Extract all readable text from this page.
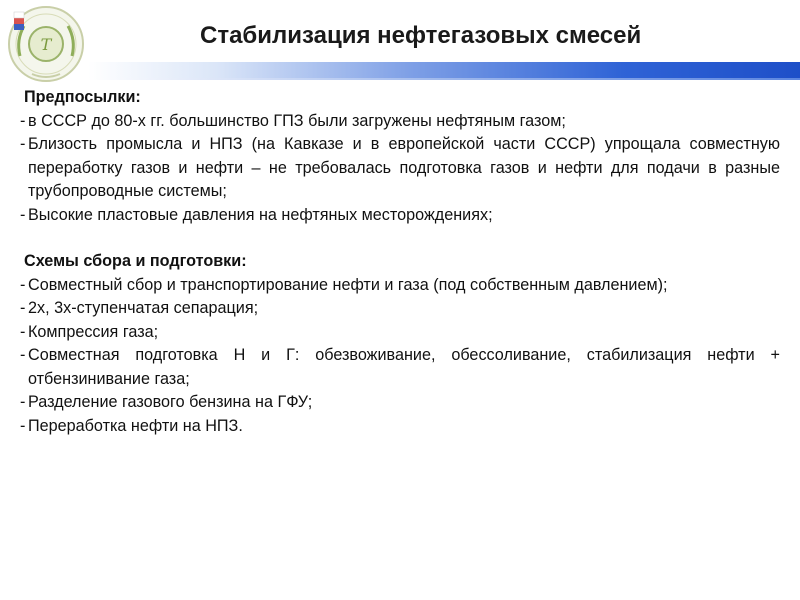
T	Стабилизация нефтегазовых смесей
Предпосылки:
- в СССР до 80-х гг. большинство ГПЗ были загружены нефтяным газом;
- Близость промысла и НПЗ (на Кавказе и в европейской части СССР) упрощала совместную переработку газов и нефти – не требовалась подготовка газов и нефти для подачи в разные трубопроводные системы;
- Высокие пластовые давления на нефтяных месторождениях;
Схемы сбора и подготовки:
- Совместный сбор и транспортирование нефти и газа (под собственным давлением);
- 2х, 3х-ступенчатая сепарация;
- Компрессия газа;
- Совместная подготовка Н и Г: обезвоживание, обессоливание, стабилизация нефти + отбензинивание газа;
- Разделение газового бензина на ГФУ;
- Переработка нефти на НПЗ.
